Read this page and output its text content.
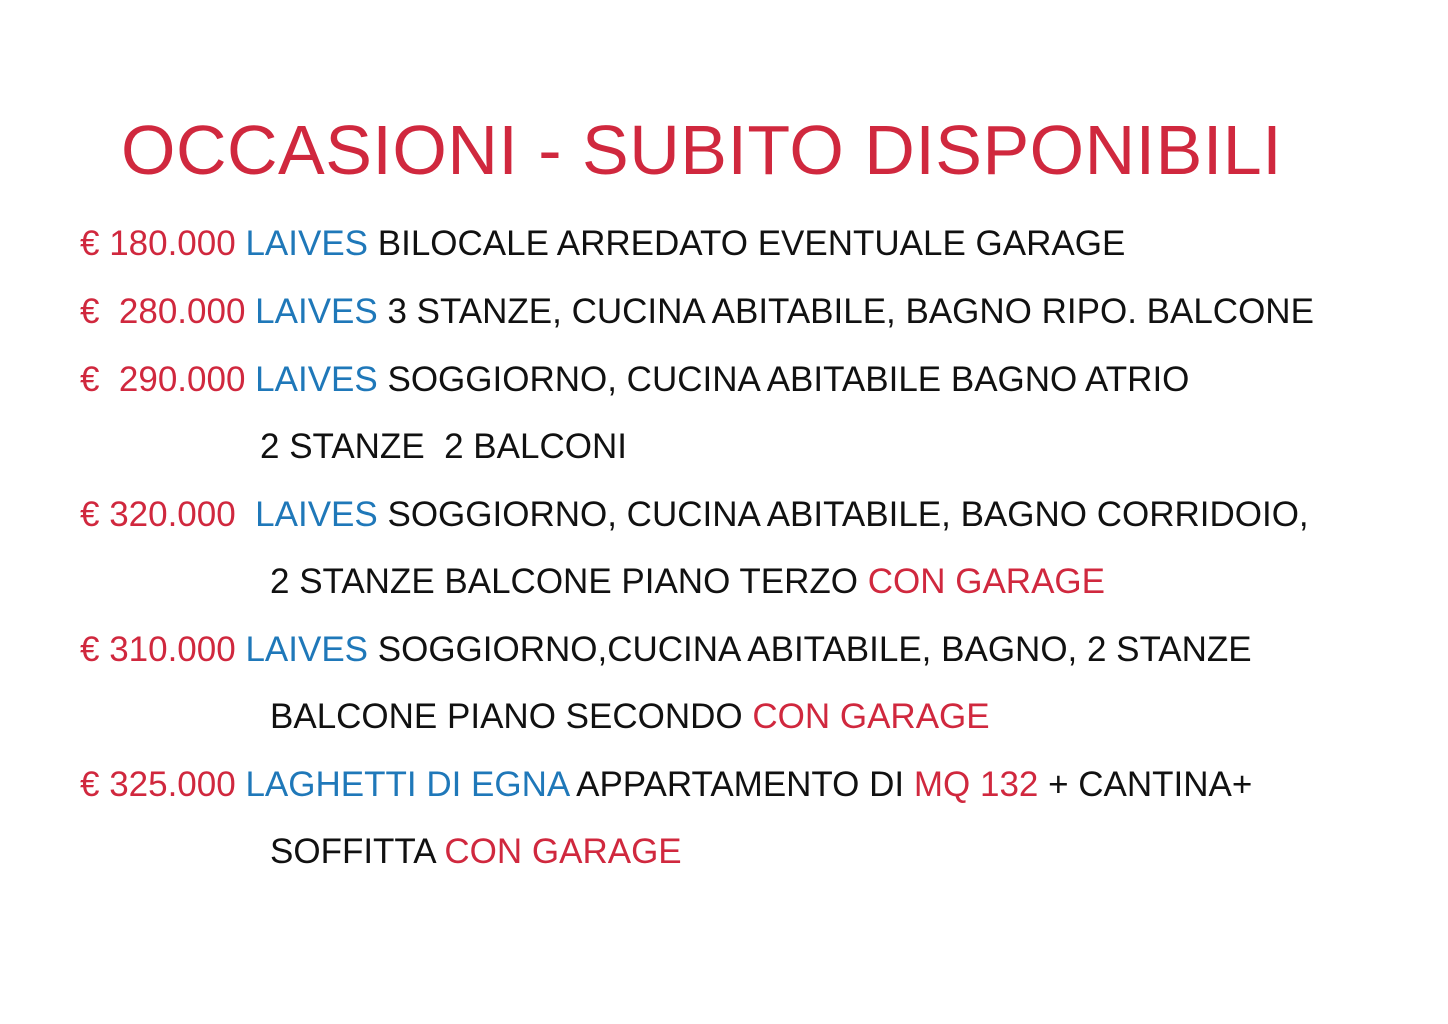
OCCASIONI - SUBITO DISPONIBILI
€ 180.000 LAIVES BILOCALE ARREDATO EVENTUALE GARAGE
€  280.000 LAIVES 3 STANZE, CUCINA ABITABILE, BAGNO RIPO. BALCONE
€  290.000 LAIVES SOGGIORNO, CUCINA ABITABILE BAGNO ATRIO
2 STANZE  2 BALCONI
€ 320.000 LAIVES SOGGIORNO, CUCINA ABITABILE, BAGNO CORRIDOIO,
2 STANZE BALCONE PIANO TERZO CON GARAGE
€ 310.000 LAIVES SOGGIORNO,CUCINA ABITABILE, BAGNO, 2 STANZE
BALCONE PIANO SECONDO CON GARAGE
€ 325.000 LAGHETTI DI EGNA APPARTAMENTO DI MQ 132 + CANTINA+
SOFFITTA CON GARAGE
